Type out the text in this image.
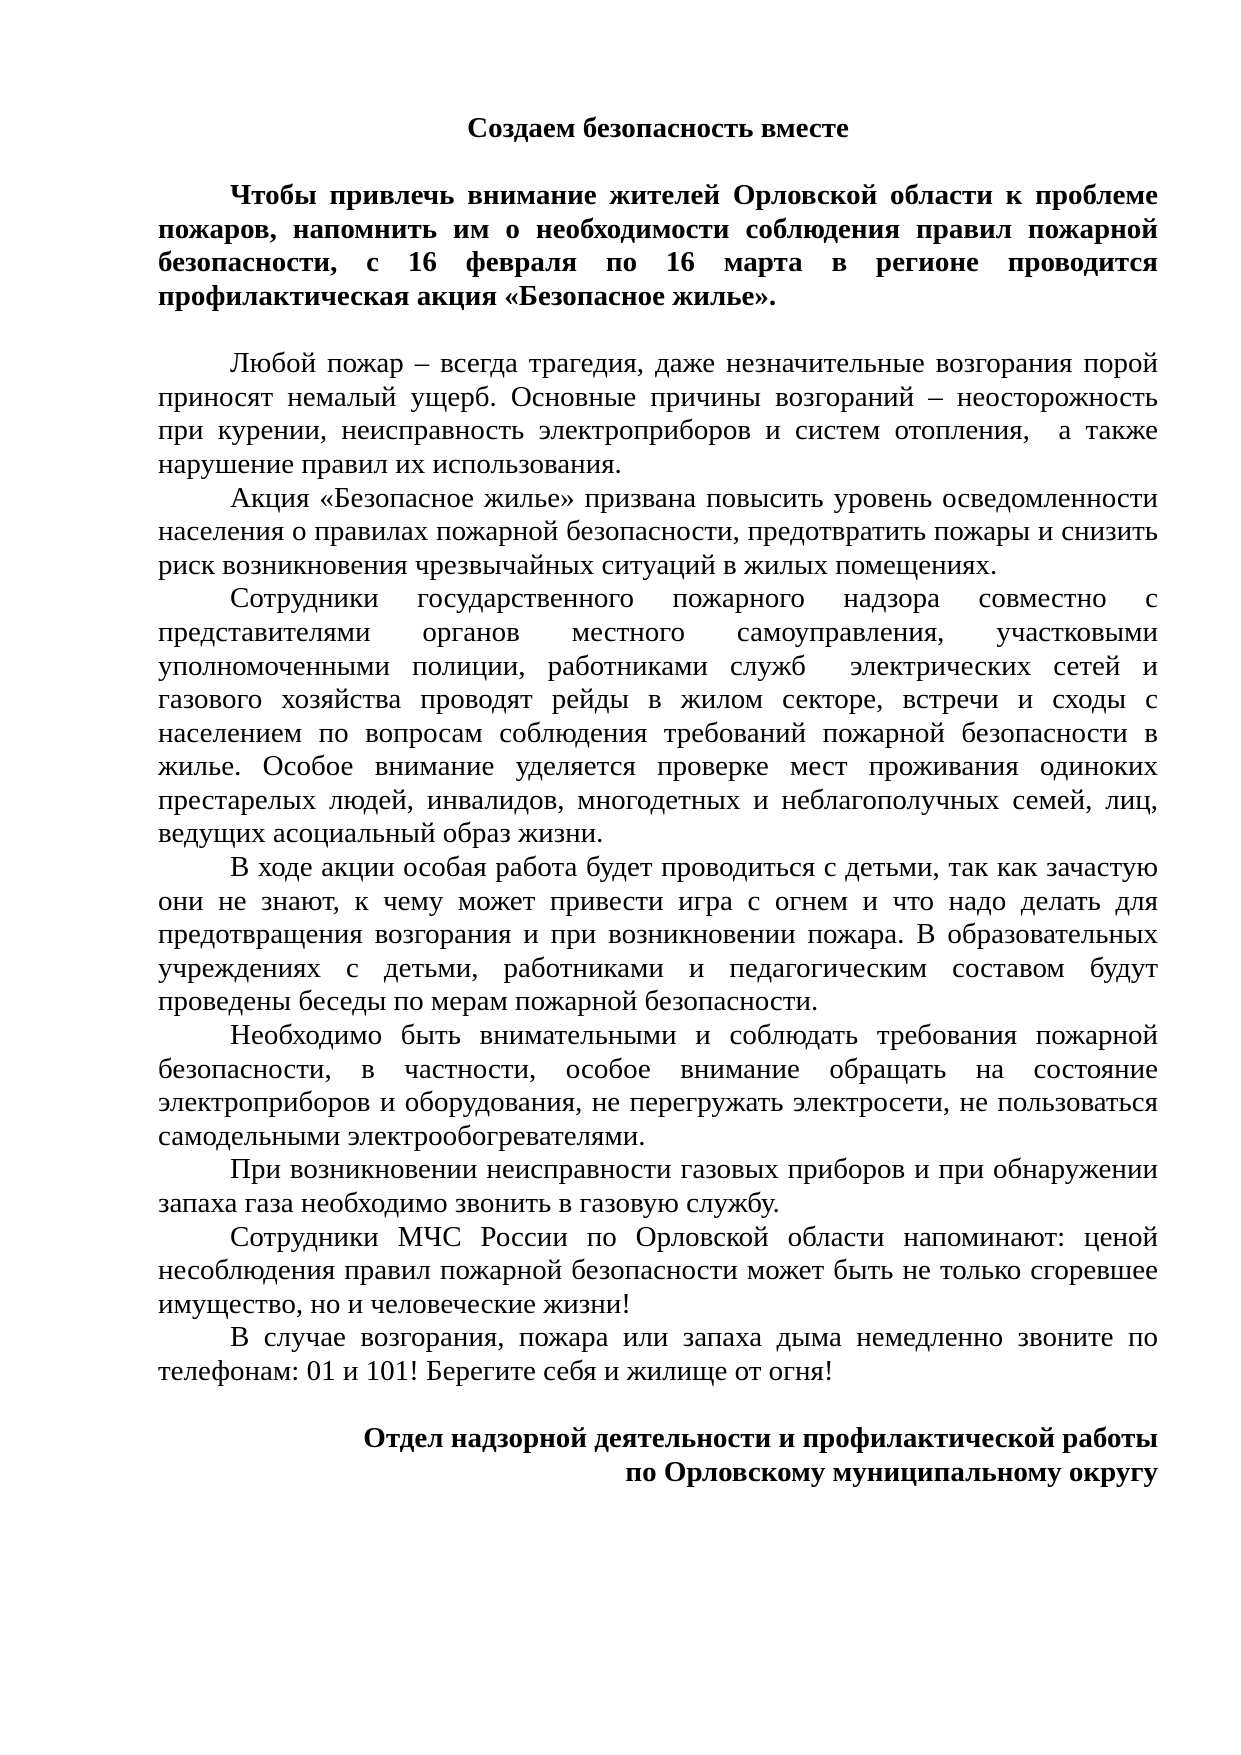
Создаем безопасность вместе

Чтобы привлечь внимание жителей Орловской области к проблеме пожаров, напомнить им о необходимости соблюдения правил пожарной безопасности, с 16 февраля по 16 марта в регионе проводится профилактическая акция «Безопасное жилье».

Любой пожар – всегда трагедия, даже незначительные возгорания порой приносят немалый ущерб. Основные причины возгораний – неосторожность при курении, неисправность электроприборов и систем отопления,  а также нарушение правил их использования.

Акция «Безопасное жилье» призвана повысить уровень осведомленности населения о правилах пожарной безопасности, предотвратить пожары и снизить риск возникновения чрезвычайных ситуаций в жилых помещениях.

Сотрудники государственного пожарного надзора совместно с представителями органов местного самоуправления, участковыми уполномоченными полиции, работниками служб  электрических сетей и газового хозяйства проводят рейды в жилом секторе, встречи и сходы с населением по вопросам соблюдения требований пожарной безопасности в жилье. Особое внимание уделяется проверке мест проживания одиноких престарелых людей, инвалидов, многодетных и неблагополучных семей, лиц, ведущих асоциальный образ жизни.

В ходе акции особая работа будет проводиться с детьми, так как зачастую они не знают, к чему может привести игра с огнем и что надо делать для предотвращения возгорания и при возникновении пожара. В образовательных учреждениях с детьми, работниками и педагогическим составом будут проведены беседы по мерам пожарной безопасности.

Необходимо быть внимательными и соблюдать требования пожарной безопасности, в частности, особое внимание обращать на состояние электроприборов и оборудования, не перегружать электросети, не пользоваться самодельными электрообогревателями.

При возникновении неисправности газовых приборов и при обнаружении запаха газа необходимо звонить в газовую службу.

Сотрудники МЧС России по Орловской области напоминают: ценой несоблюдения правил пожарной безопасности может быть не только сгоревшее имущество, но и человеческие жизни!

В случае возгорания, пожара или запаха дыма немедленно звоните по телефонам: 01 и 101! Берегите себя и жилище от огня!

Отдел надзорной деятельности и профилактической работы

по Орловскому муниципальному округу
